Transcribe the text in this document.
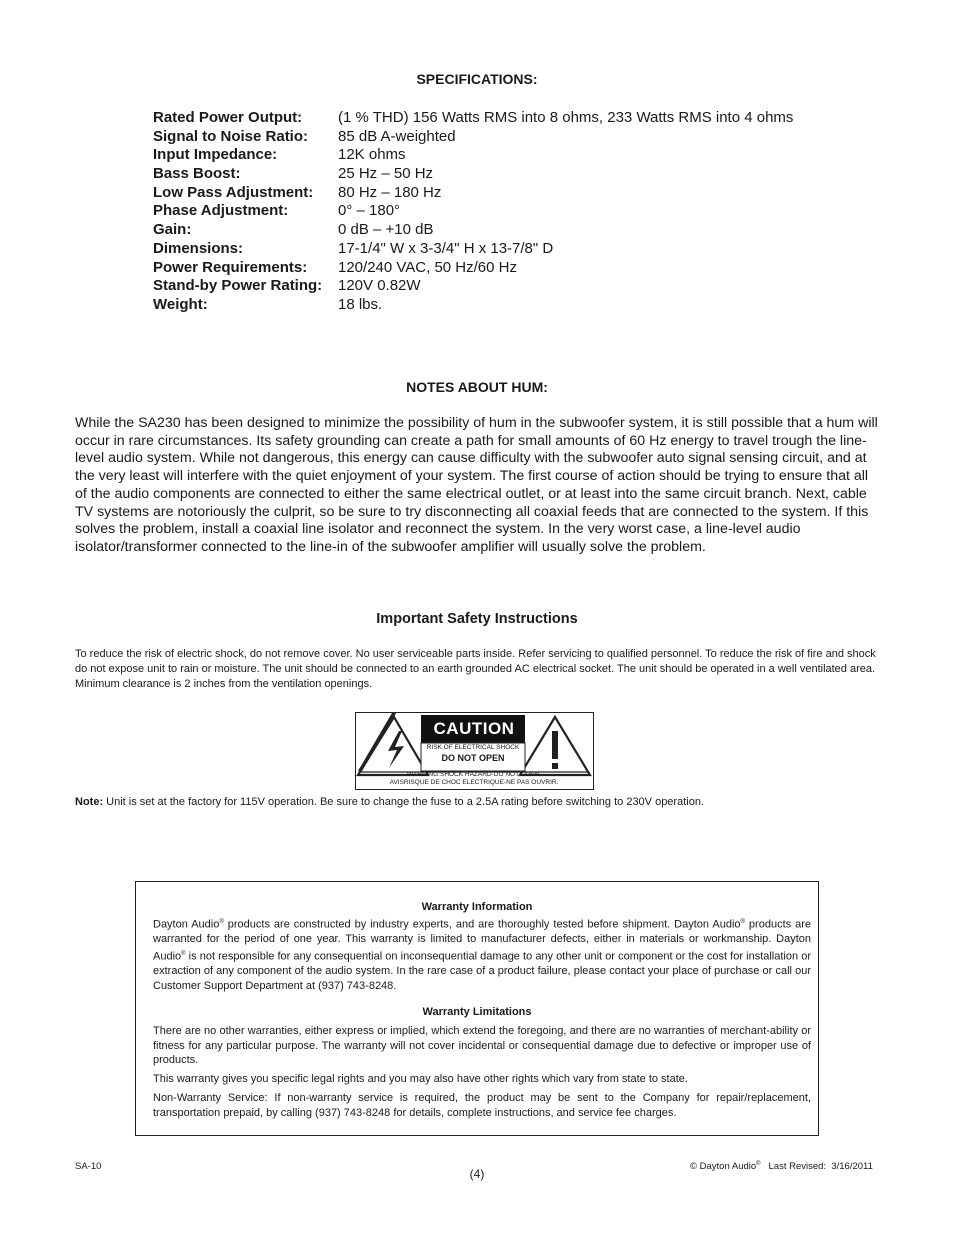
SPECIFICATIONS:
Rated Power Output: (1 % THD) 156 Watts RMS into 8 ohms, 233 Watts RMS into 4 ohms
Signal to Noise Ratio: 85 dB A-weighted
Input Impedance:	12K ohms
Bass Boost:	25 Hz – 50 Hz
Low Pass Adjustment: 80 Hz – 180 Hz
Phase Adjustment:	0° – 180°
Gain:	0 dB – +10 dB
Dimensions:	17-1/4" W x 3-3/4" H x 13-7/8" D
Power Requirements: 120/240 VAC, 50 Hz/60 Hz
Stand-by Power Rating: 120V 0.82W
Weight:	18 lbs.
NOTES ABOUT HUM:
While the SA230 has been designed to minimize the possibility of hum in the subwoofer system, it is still possible that a hum will occur in rare circumstances. Its safety grounding can create a path for small amounts of 60 Hz energy to travel trough the line-level audio system. While not dangerous, this energy can cause difficulty with the subwoofer auto signal sensing circuit, and at the very least will interfere with the quiet enjoyment of your system. The first course of action should be trying to ensure that all of the audio components are connected to either the same electrical outlet, or at least into the same circuit branch. Next, cable TV systems are notoriously the culprit, so be sure to try disconnecting all coaxial feeds that are connected to the system. If this solves the problem, install a coaxial line isolator and reconnect the system. In the very worst case, a line-level audio isolator/transformer connected to the line-in of the subwoofer amplifier will usually solve the problem.
Important Safety Instructions
To reduce the risk of electric shock, do not remove cover. No user serviceable parts inside. Refer servicing to qualified personnel. To reduce the risk of fire and shock do not expose unit to rain or moisture. The unit should be connected to an earth grounded AC electrical socket. The unit should be operated in a well ventilated area. Minimum clearance is 2 inches from the ventilation openings.
CAUTION
RISK OF ELECTRICAL SHOCK
DO NOT OPEN
WARNING:SHOCK HAZARD-DO NOT OPEN.
AVISRISQUE DE CHOC ELECTRIQUE-NE PAS OUVRIR.
Note: Unit is set at the factory for 115V operation. Be sure to change the fuse to a 2.5A rating before switching to 230V operation.
Warranty Information
Dayton Audio® products are constructed by industry experts, and are thoroughly tested before shipment. Dayton Audio® products are warranted for the period of one year. This warranty is limited to manufacturer defects, either in materials or workmanship. Dayton Audio® is not responsible for any consequential on inconsequential damage to any other unit or component or the cost for installation or extraction of any component of the audio system. In the rare case of a product failure, please contact your place of purchase or call our Customer Support Department at (937) 743-8248.
Warranty Limitations
There are no other warranties, either express or implied, which extend the foregoing, and there are no warranties of merchant-ability or fitness for any particular purpose. The warranty will not cover incidental or consequential damage due to defective or improper use of products.
This warranty gives you specific legal rights and you may also have other rights which vary from state to state.
Non-Warranty Service: If non-warranty service is required, the product may be sent to the Company for repair/replacement, transportation prepaid, by calling (937) 743-8248 for details, complete instructions, and service fee charges.
SA-10
(4)
© Dayton Audio®   Last Revised:  3/16/2011
